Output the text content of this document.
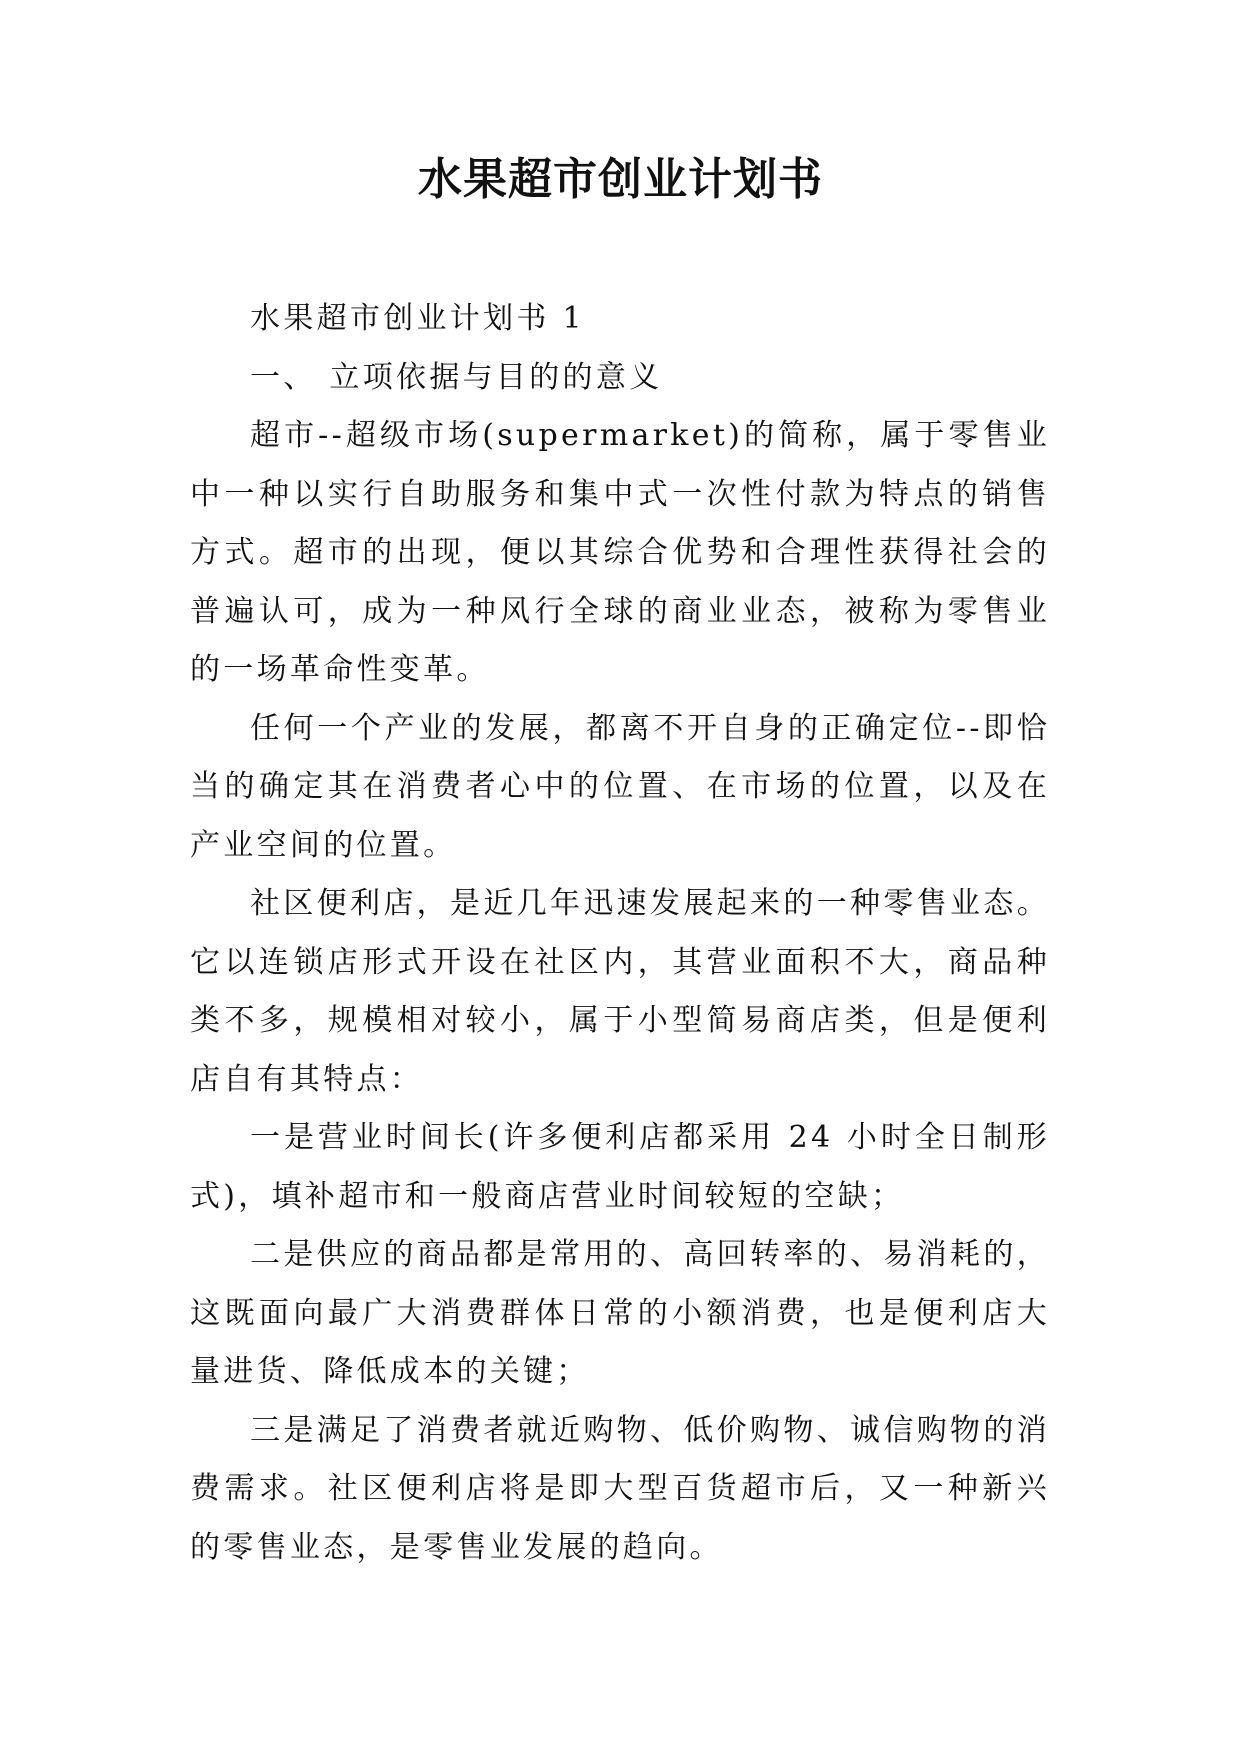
水果超市创业计划书

水果超市创业计划书 1

一、 立项依据与目的的意义

超市--超级市场(supermarket)的简称，属于零售业中一种以实行自助服务和集中式一次性付款为特点的销售方式。超市的出现，便以其综合优势和合理性获得社会的普遍认可，成为一种风行全球的商业业态，被称为零售业的一场革命性变革。

任何一个产业的发展，都离不开自身的正确定位--即恰当的确定其在消费者心中的位置、在市场的位置，以及在产业空间的位置。

社区便利店，是近几年迅速发展起来的一种零售业态。它以连锁店形式开设在社区内，其营业面积不大，商品种类不多，规模相对较小，属于小型简易商店类，但是便利店自有其特点：

一是营业时间长(许多便利店都采用 24 小时全日制形式)，填补超市和一般商店营业时间较短的空缺；

二是供应的商品都是常用的、高回转率的、易消耗的，这既面向最广大消费群体日常的小额消费，也是便利店大量进货、降低成本的关键；

三是满足了消费者就近购物、低价购物、诚信购物的消费需求。社区便利店将是即大型百货超市后，又一种新兴的零售业态，是零售业发展的趋向。
